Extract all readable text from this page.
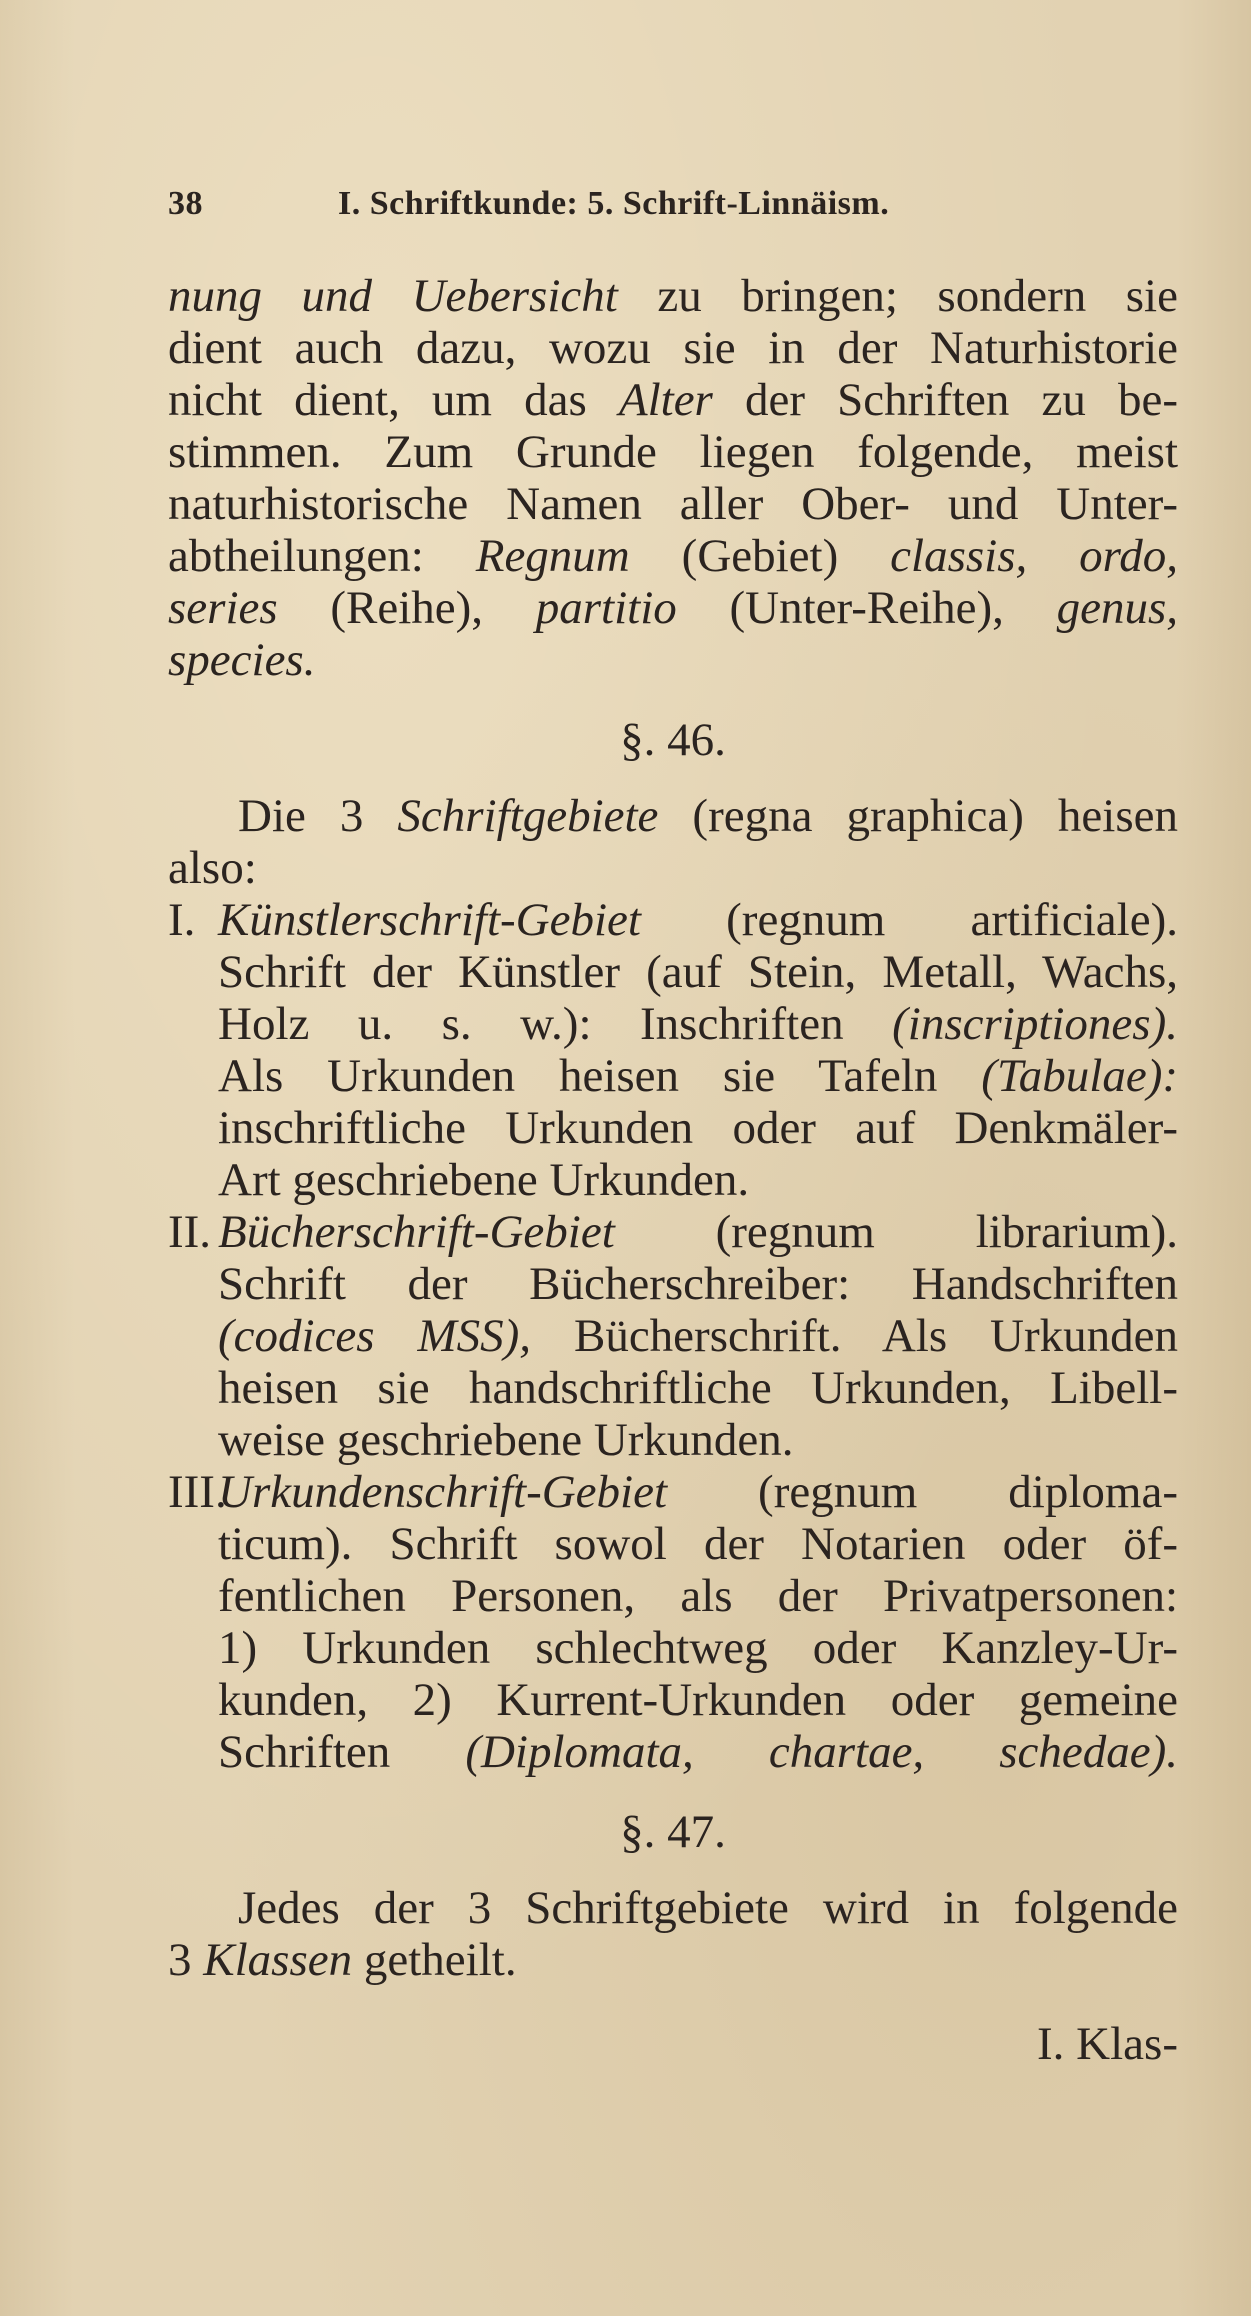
38	I. Schriftkunde: 5. Schrift-Linnäism.
nung und Uebersicht zu bringen; sondern sie
dient auch dazu, wozu sie in der Naturhistorie
nicht dient, um das Alter der Schriften zu be-
stimmen. Zum Grunde liegen folgende, meist
naturhistorische Namen aller Ober- und Unter-
abtheilungen: Regnum (Gebiet) classis, ordo,
series (Reihe), partitio (Unter-Reihe), genus,
species.
§. 46.
Die 3 Schriftgebiete (regna graphica) heisen
also:
I. Künstlerschrift-Gebiet (regnum artificiale).
Schrift der Künstler (auf Stein, Metall, Wachs,
Holz u. s. w.): Inschriften (inscriptiones).
Als Urkunden heisen sie Tafeln (Tabulae):
inschriftliche Urkunden oder auf Denkmäler-
Art geschriebene Urkunden.
II. Bücherschrift-Gebiet (regnum librarium).
Schrift der Bücherschreiber: Handschriften
(codices MSS), Bücherschrift. Als Urkunden
heisen sie handschriftliche Urkunden, Libell-
weise geschriebene Urkunden.
III.
Urkundenschrift-Gebiet (regnum diploma-
ticum). Schrift sowol der Notarien oder öf-
fentlichen Personen, als der Privatpersonen:
1) Urkunden schlechtweg oder Kanzley-Ur-
kunden, 2) Kurrent-Urkunden oder gemeine
Schriften (Diplomata, chartae, schedae).
§. 47.
Jedes der 3 Schriftgebiete wird in folgende
3 Klassen getheilt.
I. Klas-
